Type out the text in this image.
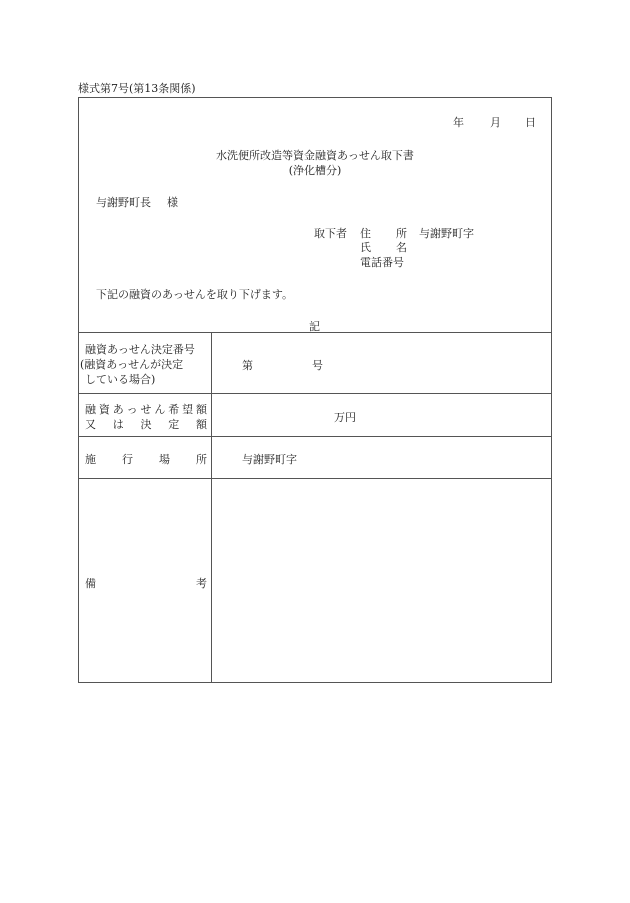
様式第7号(第13条関係)
年 月 日
水洗便所改造等資金融資あっせん取下書
(浄化槽分)
与謝野町長 様
取下者 住 所 与謝野町字
氏 名
電話番号
下記の融資のあっせんを取り下げます。
記
融資あっせん決定番号
(融資あっせんが決定
している場合)
第	号
融 資 あ っ せ ん 希 望 額
又 は 決 定 額
万円
施 行 場 所	与謝野町字
備	考
